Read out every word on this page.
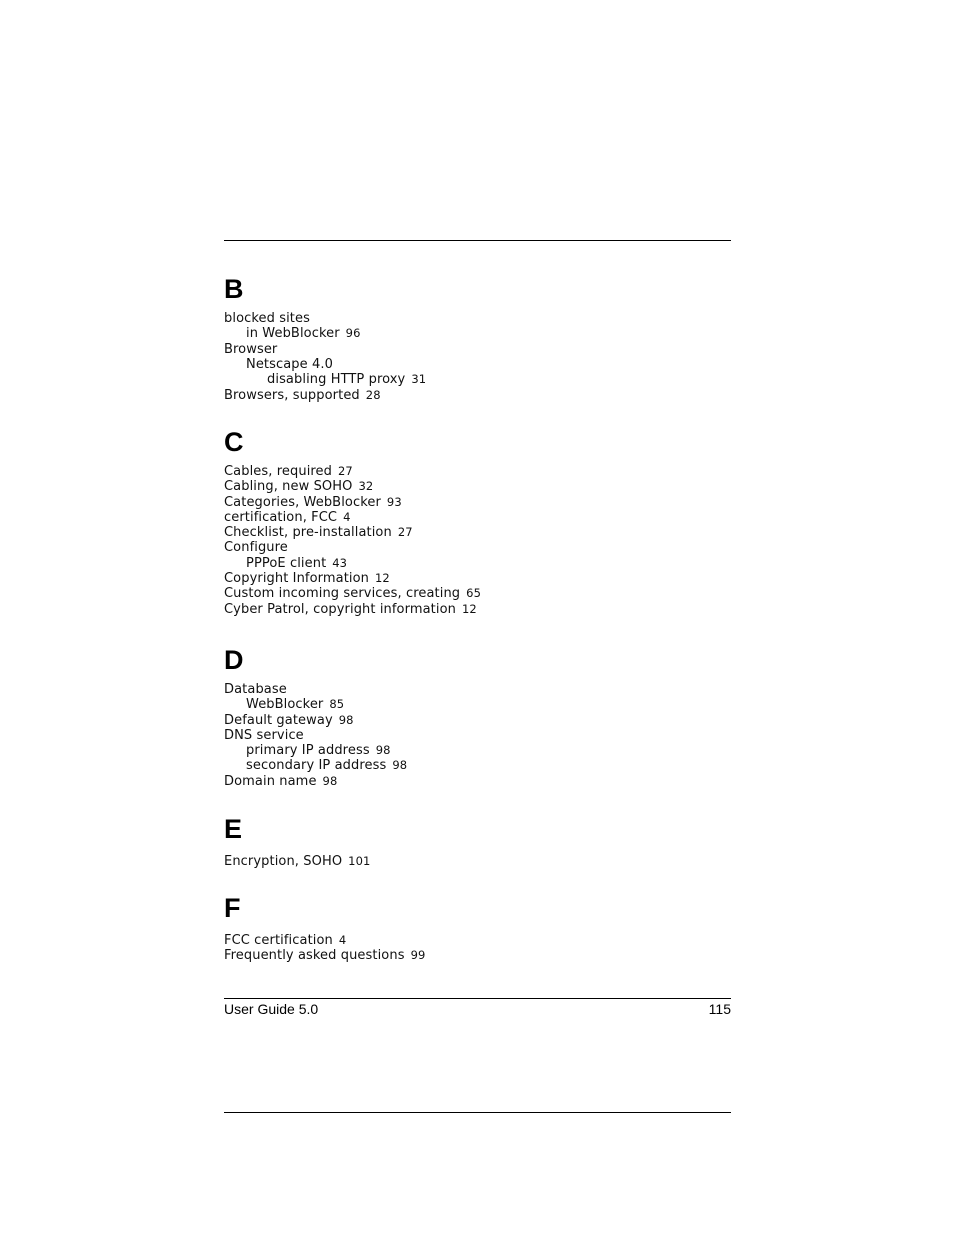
B
blocked sites
in WebBlocker 96
Browser
Netscape 4.0
disabling HTTP proxy 31
Browsers, supported 28
C
Cables, required 27
Cabling, new SOHO 32
Categories, WebBlocker 93
certification, FCC 4
Checklist, pre-installation 27
Configure
PPPoE client 43
Copyright Information 12
Custom incoming services, creating 65
Cyber Patrol, copyright information 12
D
Database
WebBlocker 85
Default gateway 98
DNS service
primary IP address 98
secondary IP address 98
Domain name 98
E
Encryption, SOHO 101
F
FCC certification 4
Frequently asked questions 99
User Guide 5.0	115
